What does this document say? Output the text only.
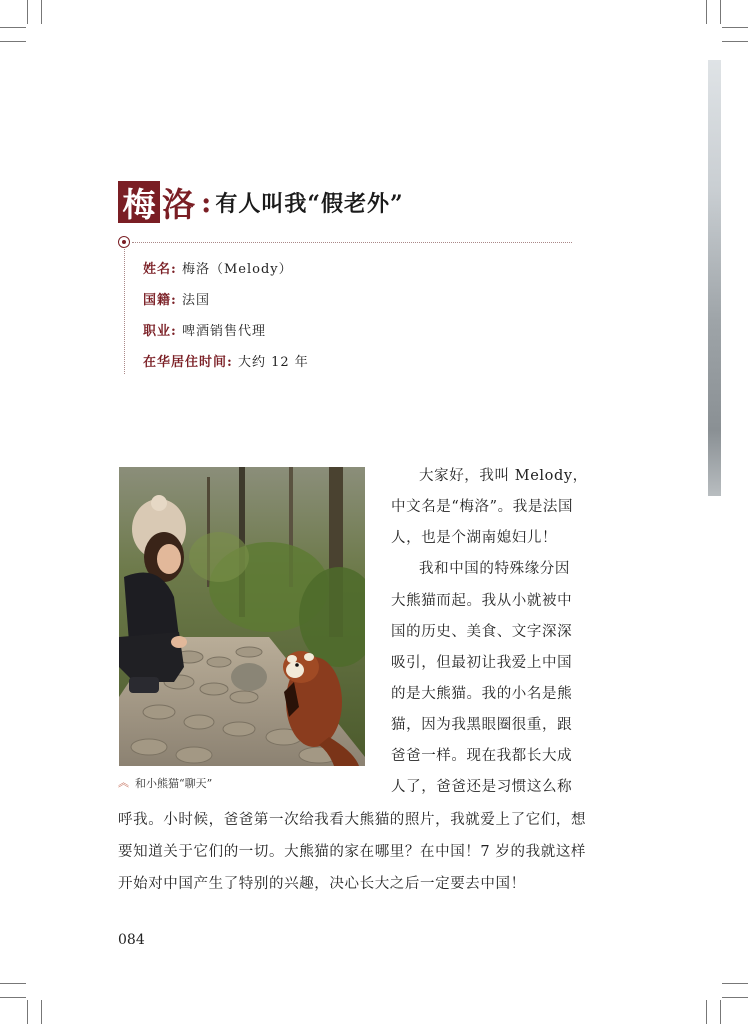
梅 洛 : 有人叫我“假老外”
姓名: 梅洛（Melody）
国籍: 法国
职业: 啤酒销售代理
在华居住时间: 大约 12 年
︽ 和小熊猫“聊天”
大家好，我叫 Melody，
中文名是“梅洛”。我是法国
人，也是个湖南媳妇儿！
我和中国的特殊缘分因
大熊猫而起。我从小就被中
国的历史、美食、文字深深
吸引，但最初让我爱上中国
的是大熊猫。我的小名是熊
猫，因为我黑眼圈很重，跟
爸爸一样。现在我都长大成
人了，爸爸还是习惯这么称
呼我。小时候，爸爸第一次给我看大熊猫的照片，我就爱上了它们，想
要知道关于它们的一切。大熊猫的家在哪里？在中国！7 岁的我就这样
开始对中国产生了特别的兴趣，决心长大之后一定要去中国！
084
